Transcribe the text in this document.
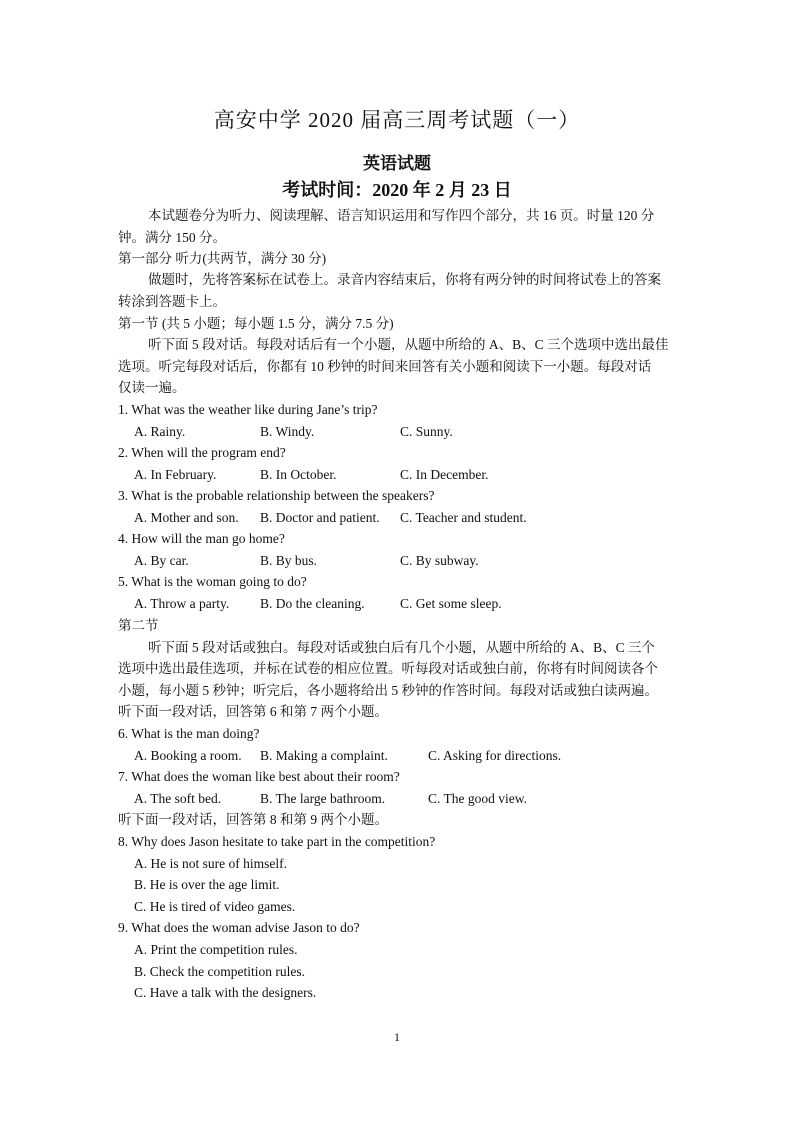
高安中学 2020 届高三周考试题（一）
英语试题
考试时间：2020 年 2 月 23 日
本试题卷分为听力、阅读理解、语言知识运用和写作四个部分，共 16 页。时量 120 分
钟。满分 150 分。
第一部分 听力(共两节，满分 30 分)
做题时，先将答案标在试卷上。录音内容结束后，你将有两分钟的时间将试卷上的答案
转涂到答题卡上。
第一节 (共 5 小题；每小题 1.5 分，满分 7.5 分)
听下面 5 段对话。每段对话后有一个小题，从题中所给的 A、B、C 三个选项中选出最佳
选项。听完每段对话后，你都有 10 秒钟的时间来回答有关小题和阅读下一小题。每段对话
仅读一遍。
1. What was the weather like during Jane’s trip?
A. Rainy.	B. Windy.	C. Sunny.
2. When will the program end?
A. In February.	B. In October.	C. In December.
3. What is the probable relationship between the speakers?
A. Mother and son. B. Doctor and patient. C. Teacher and student.
4. How will the man go home?
A. By car.	B. By bus.	C. By subway.
5. What is the woman going to do?
A. Throw a party. B. Do the cleaning.	C. Get some sleep.
第二节
听下面 5 段对话或独白。每段对话或独白后有几个小题，从题中所给的 A、B、C 三个
选项中选出最佳选项，并标在试卷的相应位置。听每段对话或独白前，你将有时间阅读各个
小题，每小题 5 秒钟；听完后，各小题将给出 5 秒钟的作答时间。每段对话或独白读两遍。
听下面一段对话，回答第 6 和第 7 两个小题。
6. What is the man doing?
A. Booking a room. B. Making a complaint.	C. Asking for directions.
7. What does the woman like best about their room?
A. The soft bed.	B. The large bathroom.	C. The good view.
听下面一段对话，回答第 8 和第 9 两个小题。
8. Why does Jason hesitate to take part in the competition?
A. He is not sure of himself.
B. He is over the age limit.
C. He is tired of video games.
9. What does the woman advise Jason to do?
A. Print the competition rules.
B. Check the competition rules.
C. Have a talk with the designers.
1
